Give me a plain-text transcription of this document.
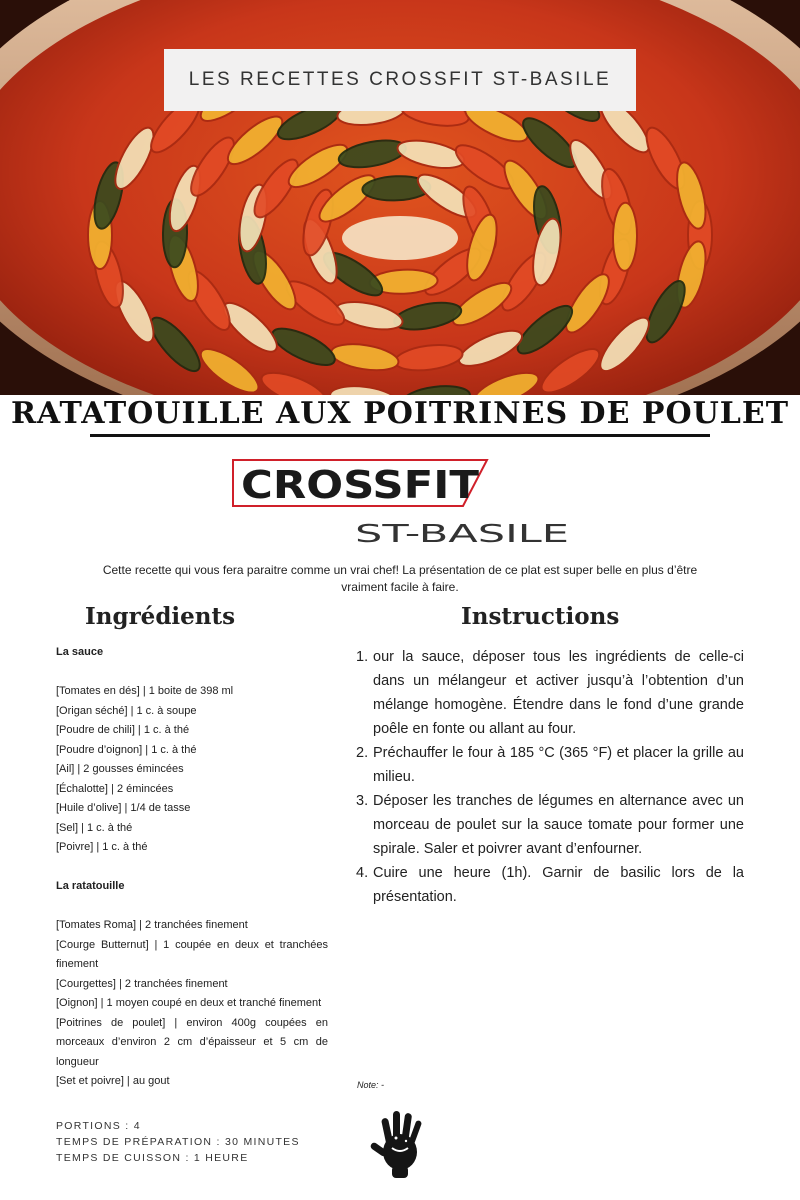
LES RECETTES CROSSFIT ST-BASILE
RATATOUILLE AUX POITRINES DE POULET
CROSSFIT
ST-BASILE

Cette recette qui vous fera paraitre comme un vrai chef! La présentation de ce plat est super belle en plus d’être vraiment facile à faire.

Ingrédients	Instructions
La sauce
[Tomates en dés] | 1 boite de 398 ml
[Origan séché] | 1 c. à soupe
[Poudre de chili] | 1 c. à thé
[Poudre d’oignon] | 1 c. à thé
[Ail] | 2 gousses émincées
[Échalotte] | 2 émincées
[Huile d’olive] | 1/4 de tasse
[Sel] | 1 c. à thé
[Poivre] | 1 c. à thé
La ratatouille
[Tomates Roma] | 2 tranchées finement
[Courge Butternut] | 1 coupée en deux et tranchées finement
[Courgettes] | 2 tranchées finement
[Oignon] | 1 moyen coupé en deux et tranché finement
[Poitrines de poulet] | environ 400g coupées en morceaux d’environ 2 cm d’épaisseur et 5 cm de longueur
[Set et poivre] | au gout
PORTIONS : 4
TEMPS DE PRÉPARATION : 30 MINUTES
TEMPS DE CUISSON : 1 HEURE
1. our la sauce, déposer tous les ingrédients de celle-ci dans un mélangeur et activer jusqu’à l’obtention d’un mélange homogène. Étendre dans le fond d’une grande poêle en fonte ou allant au four.
2. Préchauffer le four à 185 °C (365 °F) et placer la grille au milieu.
3. Déposer les tranches de légumes en alternance avec un morceau de poulet sur la sauce tomate pour former une spirale. Saler et poivrer avant d’enfourner.
4. Cuire une heure (1h). Garnir de basilic lors de la présentation.
Note: -
